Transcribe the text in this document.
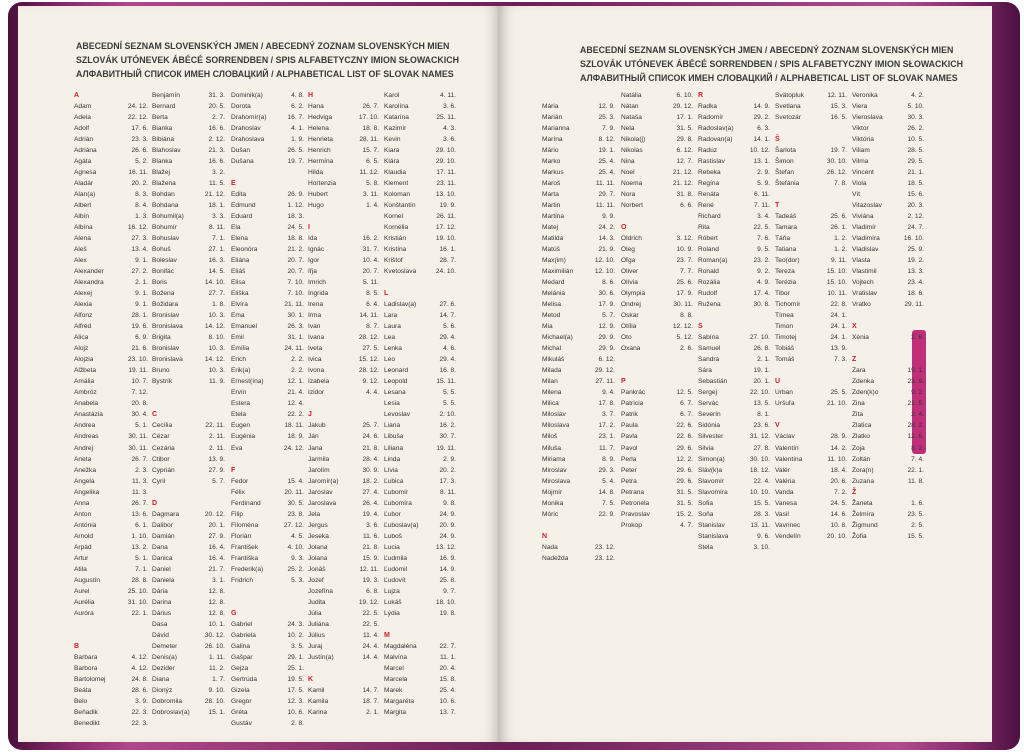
ABECEDNÍ SEZNAM SLOVENSKÝCH JMEN / ABECEDNÝ ZOZNAM SLOVENSKÝCH MIEN
SZLOVÁK UTÓNEVEK ÁBÉCÉ SORRENDBEN / SPIS ALFABETYCZNY IMION SŁOWACKICH
АЛФАВИТНЫЙ СПИСОК ИМЕН СЛОВАЦКИЙ / ALPHABETICAL LIST OF SLOVAK NAMES
ABECEDNÍ SEZNAM SLOVENSKÝCH JMEN / ABECEDNÝ ZOZNAM SLOVENSKÝCH MIEN
SZLOVÁK UTÓNEVEK ÁBÉCÉ SORRENDBEN / SPIS ALFABETYCZNY IMION SŁOWACKICH
АЛФАВИТНЫЙ СПИСОК ИМЕН СЛОВАЦКИЙ / ALPHABETICAL LIST OF SLOVAK NAMES
A
Adam	24. 12.
Adela	22. 12.
Adolf	17. 6.
Adrián	23. 3.
Adriána	26. 6.
Agáta	5. 2.
Agnesa	16. 11.
Aladár	20. 2.
Alan(a)	8. 3.
Albert	8. 4.
Albín	1. 3.
Albína	16. 12.
Alena	27. 3.
Aleš	13. 4.
Alex	9. 1.
Alexander	27. 2.
Alexandra	2. 1.
Alexej	9. 1.
Alexia	9. 1.
Alfonz	28. 1.
Alfréd	19. 6.
Alica	6. 9.
Alojz	21. 6.
Alojzia	23. 10.
Alžbeta	19. 11.
Amália	10. 7.
Ambróz	7. 12.
Anabela	20. 8.
Anastázia	30. 4.
Andrea	5. 1.
Andreas	30. 11.
Andrej	30. 11.
Aneta	26. 7.
Anežka	2. 3.
Angela	11. 3.
Angelika	11. 3.
Anna	26. 7.
Anton	13. 6.
Antónia	6. 1.
Arnold	1. 10.
Arpád	13. 2.
Artur	5. 1.
Atila	7. 1.
Augustín	28. 8.
Aurel	25. 10.
Aurélia	31. 10.
Auróra	22. 1.
B
Barbara	4. 12.
Barbora	4. 12.
Bartolomej	24. 8.
Beáta	28. 6.
Belo	3. 9.
Beňadik	22. 3.
Benedikt	22. 3.
Benjamín	31. 3.
Bernard	20. 5.
Berta	2. 7.
Bianka	16. 6.
Bibiána	2. 12.
Blahoslav	21. 3.
Blanka	16. 6.
Blažej	3. 2.
Blažena	11. 5.
Bohdan	21. 12.
Bohdana	18. 1.
Bohumil(a)	3. 3.
Bohumír	8. 11.
Bohuslav	7. 1.
Bohuš	27. 1.
Boleslav	16. 3.
Bonifác	14. 5.
Boris	14. 10.
Božena	27. 7.
Božidara	1. 8.
Bronislav	10. 3.
Bronislava	14. 12.
Brigita	8. 10.
Bronislav	10. 3.
Bronislava	14. 12.
Bruno	10. 3.
Bystrík	11. 9.
C
Cecília	22. 11.
Cézar	2. 11.
Cezária	2. 11.
Ctibor	13. 9.
Cyprián	27. 9.
Cyril	5. 7.
D
Dagmara	20. 12.
Dalibor	20. 1.
Damián	27. 9.
Dana	16. 4.
Danica	16. 4.
Daniel	21. 7.
Daniela	3. 1.
Dária	12. 8.
Darina	12. 8.
Dárius	12. 8.
Dasa	10. 1.
Dávid	30. 12.
Demeter	26. 10.
Denis(a)	1. 11.
Dezider	11. 2.
Diana	1. 7.
Dionýz	9. 10.
Dobromila	28. 10.
Dobroslav(a)	15. 1.
Dominik(a)	4. 8.
Dorota	6. 2.
Drahomír(a)	16. 7.
Drahoslav	4. 1.
Drahoslava	1. 9.
Dušan	26. 5.
Dušana	19. 7.
E
Edita	26. 9.
Edmund	1. 12.
Eduard	18. 3.
Ela	24. 5.
Elena	18. 8.
Eleonóra	21. 2.
Eliána	20. 7.
Eliáš	20. 7.
Elisa	7. 10.
Eliška	7. 10.
Elvíra	21. 11.
Ema	30. 1.
Emanuel	26. 3.
Emil	31. 1.
Emília	24. 11.
Erich	2. 2.
Erik(a)	2. 2.
Ernest(ína)	12. 1.
Ervín	21. 4.
Estera	12. 4.
Etela	22. 2.
Eugen	18. 11.
Eugénia	18. 9.
Eva	24. 12.
F
Fedor	15. 4.
Félix	20. 11.
Ferdinand	30. 5.
Filip	23. 8.
Filoména	27. 12.
Florián	4. 5.
František	4. 10.
Františka	9. 3.
Frederik(a)	25. 2.
Fridrich	5. 3.
G
Gabriel	24. 3.
Gabriela	10. 2.
Galina	3. 5.
Gašpar	29. 1.
Gejza	25. 1.
Gertrúda	19. 5.
Gizela	17. 5.
Gregor	12. 3.
Gréta	10. 6.
Gustáv	2. 8.
H
Hana	26. 7.
Hedviga	17. 10.
Helena	18. 8.
Henrieta	28. 11.
Henrich	15. 7.
Hermína	6. 5.
Hilda	11. 12.
Hortenzia	5. 8.
Hubert	3. 11.
Hugo	1. 4.
I
Ida	16. 2.
Ignác	31. 7.
Igor	10. 4.
Iľja	20. 7.
Imrich	5. 11.
Ingrida	8. 5.
Irena	6. 4.
Irma	14. 11.
Ivan	8. 7.
Ivana	28. 12.
Iveta	27. 5.
Ivica	15. 12.
Ivona	28. 12.
Izabela	9. 12.
Izidor	4. 4.
J
Jakub	25. 7.
Ján	24. 6.
Jana	21. 8.
Jarmila	28. 4.
Jarolím	30. 9.
Jaromír(a)	18. 2.
Jaroslav	27. 4.
Jaroslava	26. 4.
Jela	19. 4.
Jergus	3. 6.
Jeseka	11. 6.
Jolana	21. 8.
Jolana	15. 9.
Jonáš	12. 11.
Jozef	19. 3.
Jozefína	6. 8.
Judita	19. 12.
Júlia	22. 5.
Juliána	22. 5.
Július	11. 4.
Juraj	24. 4.
Justín(a)	14. 4.
K
Kamil	14. 7.
Kamila	18. 7.
Karina	2. 1.
Karol	4. 11.
Karolína	3. 6.
Katarína	25. 11.
Kazimír	4. 3.
Kevin	3. 6.
Kiara	29. 10.
Klára	29. 10.
Klaudia	17. 11.
Klement	23. 11.
Koloman	13. 10.
Konštantín	19. 9.
Kornel	26. 11.
Kornélia	17. 12.
Kristián	19. 10.
Kristína	16. 1.
Krištof	28. 7.
Kvetoslava	24. 10.
L
Ladislav(a)	27. 6.
Lara	14. 7.
Laura	5. 6.
Lea	29. 4.
Lenka	4. 6.
Leo	29. 4.
Leonard	16. 8.
Leopold	15. 11.
Lesana	5. 5.
Lesia	5. 5.
Levoslav	2. 10.
Liana	16. 2.
Libuša	30. 7.
Liliana	19. 11.
Linda	2. 9.
Lívia	20. 2.
Ľubica	17. 3.
Ľubomír	8. 11.
Ľubomíra	9. 8.
Ľubor	24. 9.
Ľuboslav(a)	20. 9.
Luboš	24. 9.
Lucia	13. 12.
Ľudmila	16. 9.
Ľudomil	14. 9.
Ľudovít	25. 8.
Lujza	9. 7.
Lukáš	18. 10.
Lýdia	19. 8.
M
Magdaléna	22. 7.
Malvína	11. 1.
Marcel	20. 4.
Marcela	15. 8.
Marek	25. 4.
Margaréta	10. 6.
Margita	13. 7.
Mária	12. 9.
Marián	25. 3.
Marianna	7. 9.
Marína	8. 12.
Mário	19. 1.
Marko	25. 4.
Markus	25. 4.
Maroš	11. 11.
Marta	29. 7.
Martin	11. 11.
Martina	9. 9.
Matej	24. 2.
Matilda	14. 3.
Matúš	21. 9.
Max(im)	12. 10.
Maximilián	12. 10.
Medard	8. 6.
Melánia	30. 6.
Melisa	17. 9.
Metod	5. 7.
Mia	12. 9.
Michael(a)	29. 9.
Michal	29. 9.
Mikuláš	6. 12.
Milada	29. 12.
Milan	27. 11.
Milena	9. 4.
Milica	17. 8.
Miloslav	3. 7.
Miloslava	17. 2.
Miloš	23. 1.
Miluša	11. 7.
Miriama	8. 9.
Miroslav	29. 3.
Miroslava	5. 4.
Mojmír	14. 8.
Monika	7. 5.
Móric	22. 9.
N
Nada	23. 12.
Nadežda	23. 12.
Natália	6. 10.
Nátan	29. 12.
Nataša	17. 1.
Nela	31. 5.
Nikola(j)	29. 8.
Nikolas	6. 12.
Nina	12. 7.
Noel	21. 12.
Noema	21. 12.
Nora	31. 8.
Norbert	6. 6.
O
Oldrich	3. 12.
Oleg	10. 9.
Oľga	23. 7.
Oliver	7. 7.
Olívia	25. 6.
Olympia	17. 9.
Ondrej	30. 11.
Oskar	8. 8.
Otília	12. 12.
Oto	5. 12.
Oxana	2. 6.
P
Pankrác	12. 5.
Patrícia	6. 7.
Patrik	6. 7.
Paula	22. 6.
Pavla	22. 6.
Pavol	29. 6.
Perla	12. 2.
Peter	29. 6.
Petra	29. 6.
Petrana	31. 5.
Petronela	31. 5.
Pravoslav	15. 2.
Prokop	4. 7.
R
Radka	14. 9.
Radomír	29. 2.
Radoslav(a)	6. 3.
Radovan(a)	14. 1.
Radúz	10. 12.
Rastislav	13. 1.
Rebeka	2. 9.
Regína	5. 9.
Renáta	6. 11.
René	7. 11.
Richard	3. 4.
Rita	22. 5.
Róbert	7. 6.
Roland	9. 5.
Roman(a)	23. 2.
Ronald	9. 2.
Rozália	4. 9.
Rudolf	17. 4.
Ružena	30. 8.
S
Sabína	27. 10.
Samuel	26. 8.
Sandra	2. 1.
Sára	19. 1.
Sebastián	20. 1.
Sergej	22. 10.
Servác	13. 5.
Severín	8. 1.
Sidónia	23. 6.
Silvester	31. 12.
Silvia	27. 8.
Simon(a)	30. 10.
Sláv(k)a	18. 12.
Slavomír	22. 4.
Slavomíra	10. 10.
Sofia	15. 5.
Soňa	28. 3.
Stanislav	13. 11.
Stanislava	9. 6.
Stela	3. 10.
Svätopluk	12. 11.
Svetlana	15. 3.
Svetozár	16. 5.
Š
Šarlota	19. 7.
Šimon	30. 10.
Štefan	26. 12.
Štefánia	7. 8.
T
Tadeáš	25. 6.
Tamara	26. 1.
Táňa	1. 2.
Tatiana	1. 2.
Teo(dor)	9. 11.
Tereza	15. 10.
Terézia	15. 10.
Tibor	10. 11.
Tichomír	22. 8.
Tímea	24. 1.
Timon	24. 1.
Timotej	24. 1.
Tobiáš	13. 9.
Tomáš	7. 3.
U
Urban	25. 5.
Uršuľa	21. 10.
V
Václav	28. 9.
Valentín	14. 2.
Valentína	11. 10.
Valér	18. 4.
Valéria	20. 6.
Vanda	7. 2.
Vanesa	24. 5.
Vasil	14. 6.
Vavrinec	10. 8.
Vendelín	20. 10.
Veronika	4. 2.
Viera	5. 10.
Vieroslava	30. 3.
Viktor	26. 2.
Viktória	10. 5.
Viliam	28. 5.
Vilma	29. 5.
Vincent	21. 1.
Viola	18. 5.
Vít	15. 6.
Vitazoslav	20. 3.
Viviána	2. 12.
Vladimír	24. 7.
Vladimíra	16. 10.
Vladislav	25. 9.
Vlasta	19. 2.
Vlastimil	13. 3.
Vojtech	23. 4.
Vratislav	18. 6.
Vratko	29. 11.
X
Xénia	2. 6.
Z
Zara	19. 1.
Zdenka	23. 9.
Zden(k)o	9. 2.
Zina	21. 5.
Zita	2. 4.
Zlatica	28. 2.
Zlatko	12. 6.
Zoja	8. 2.
Zoltán	7. 4.
Zora(n)	22. 1.
Zuzana	11. 8.
Ž
Žaneta	1. 6.
Želmíra	23. 5.
Žigmund	2. 5.
Žofia	15. 5.
